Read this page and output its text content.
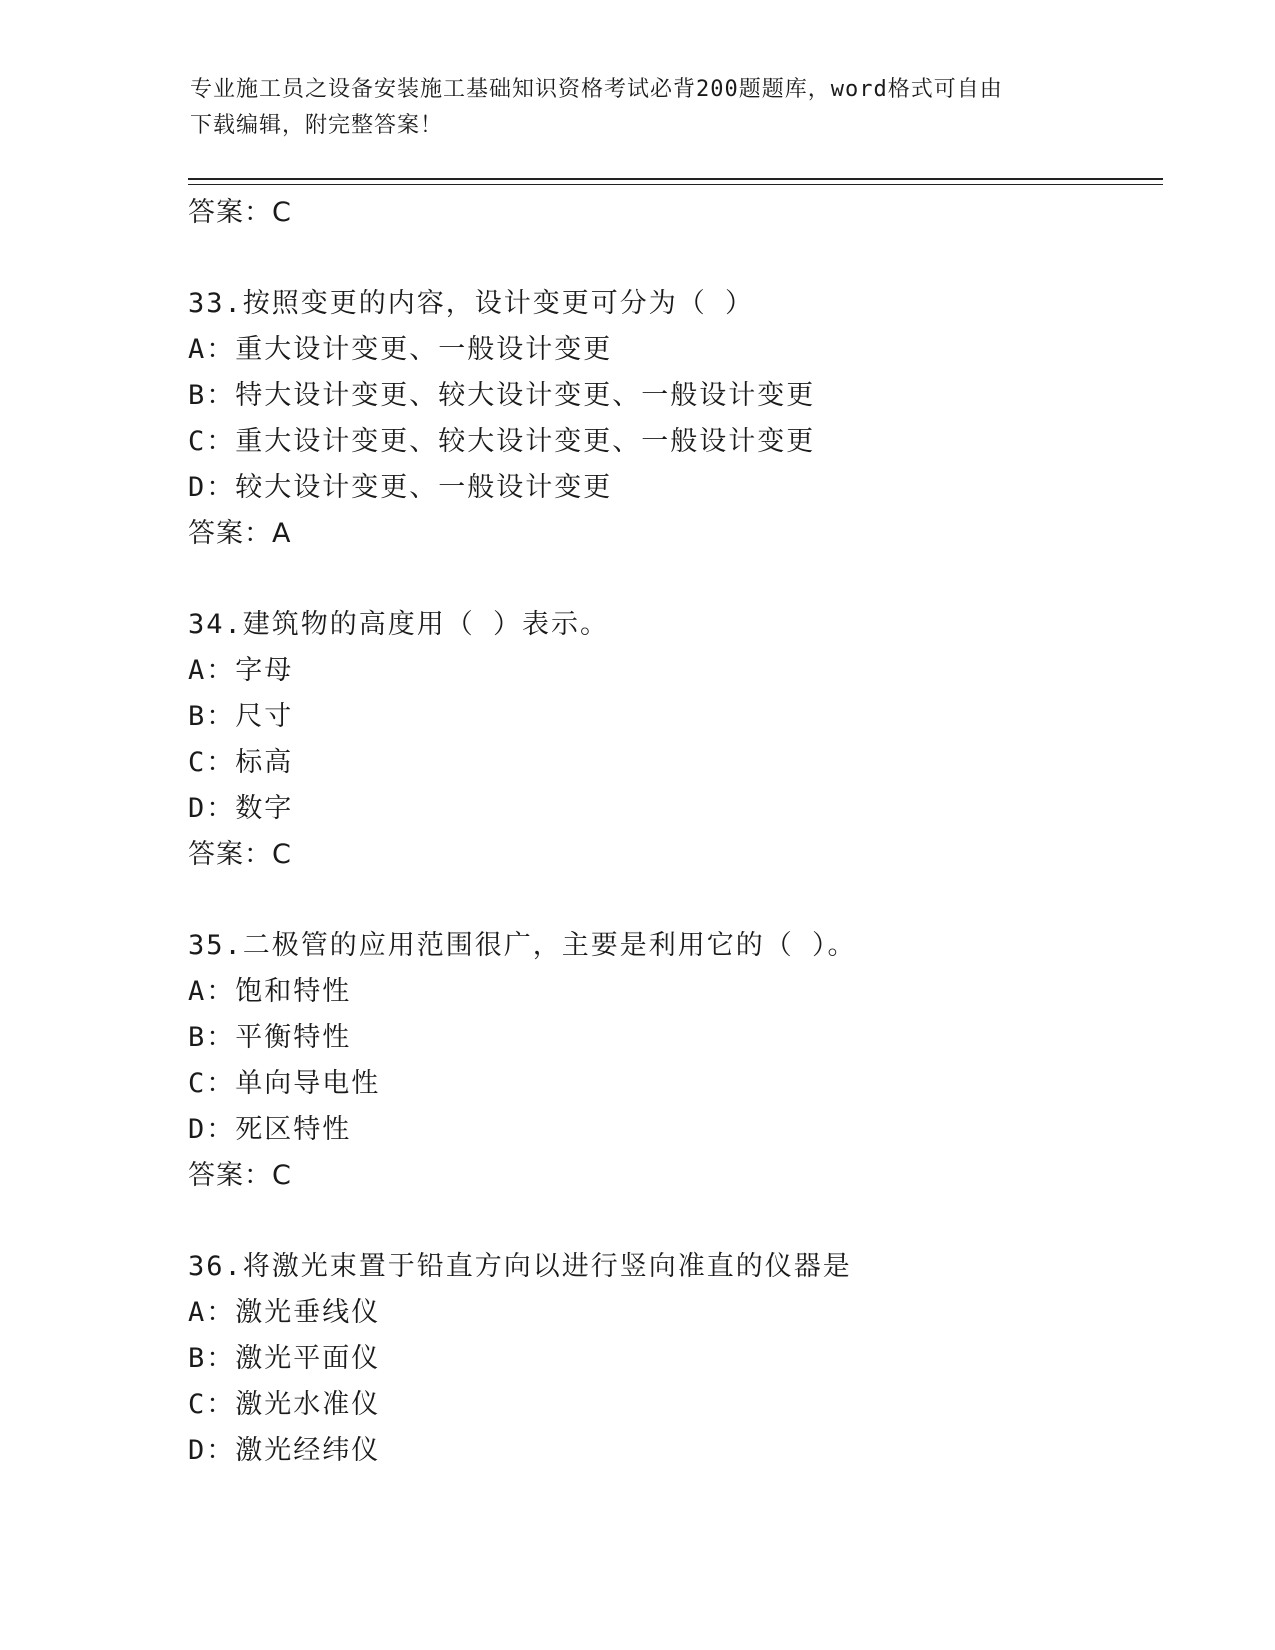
专业施工员之设备安装施工基础知识资格考试必背200题题库，word格式可自由
下载编辑，附完整答案！
答案：C
33.按照变更的内容，设计变更可分为（ ）
A：重大设计变更、一般设计变更
B：特大设计变更、较大设计变更、一般设计变更
C：重大设计变更、较大设计变更、一般设计变更
D：较大设计变更、一般设计变更
答案：A
34.建筑物的高度用（ ）表示。
A：字母
B：尺寸
C：标高
D：数字
答案：C
35.二极管的应用范围很广，主要是利用它的（ ）。
A：饱和特性
B：平衡特性
C：单向导电性
D：死区特性
答案：C
36.将激光束置于铅直方向以进行竖向准直的仪器是
A：激光垂线仪
B：激光平面仪
C：激光水准仪
D：激光经纬仪
